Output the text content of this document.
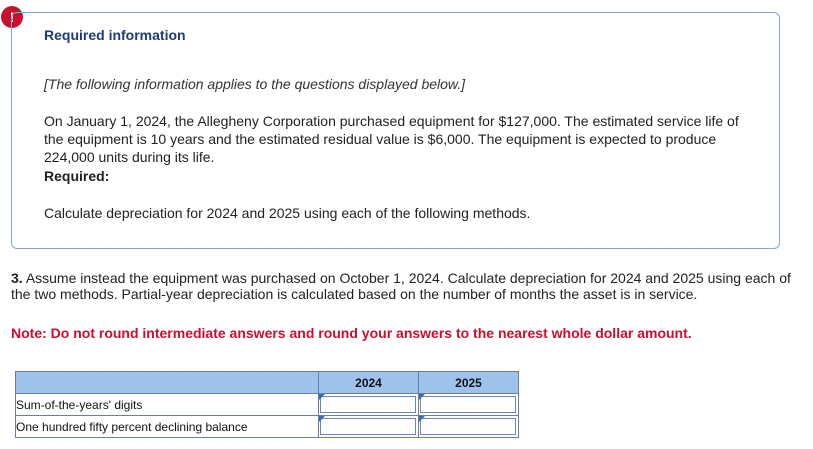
!
Required information
[The following information applies to the questions displayed below.]
On January 1, 2024, the Allegheny Corporation purchased equipment for $127,000. The estimated service life of the equipment is 10 years and the estimated residual value is $6,000. The equipment is expected to produce 224,000 units during its life.
Required:
Calculate depreciation for 2024 and 2025 using each of the following methods.
3. Assume instead the equipment was purchased on October 1, 2024. Calculate depreciation for 2024 and 2025 using each of the two methods. Partial-year depreciation is calculated based on the number of months the asset is in service.
Note: Do not round intermediate answers and round your answers to the nearest whole dollar amount.
	2024	2025
Sum-of-the-years' digits	

One hundred fifty percent declining balance	
